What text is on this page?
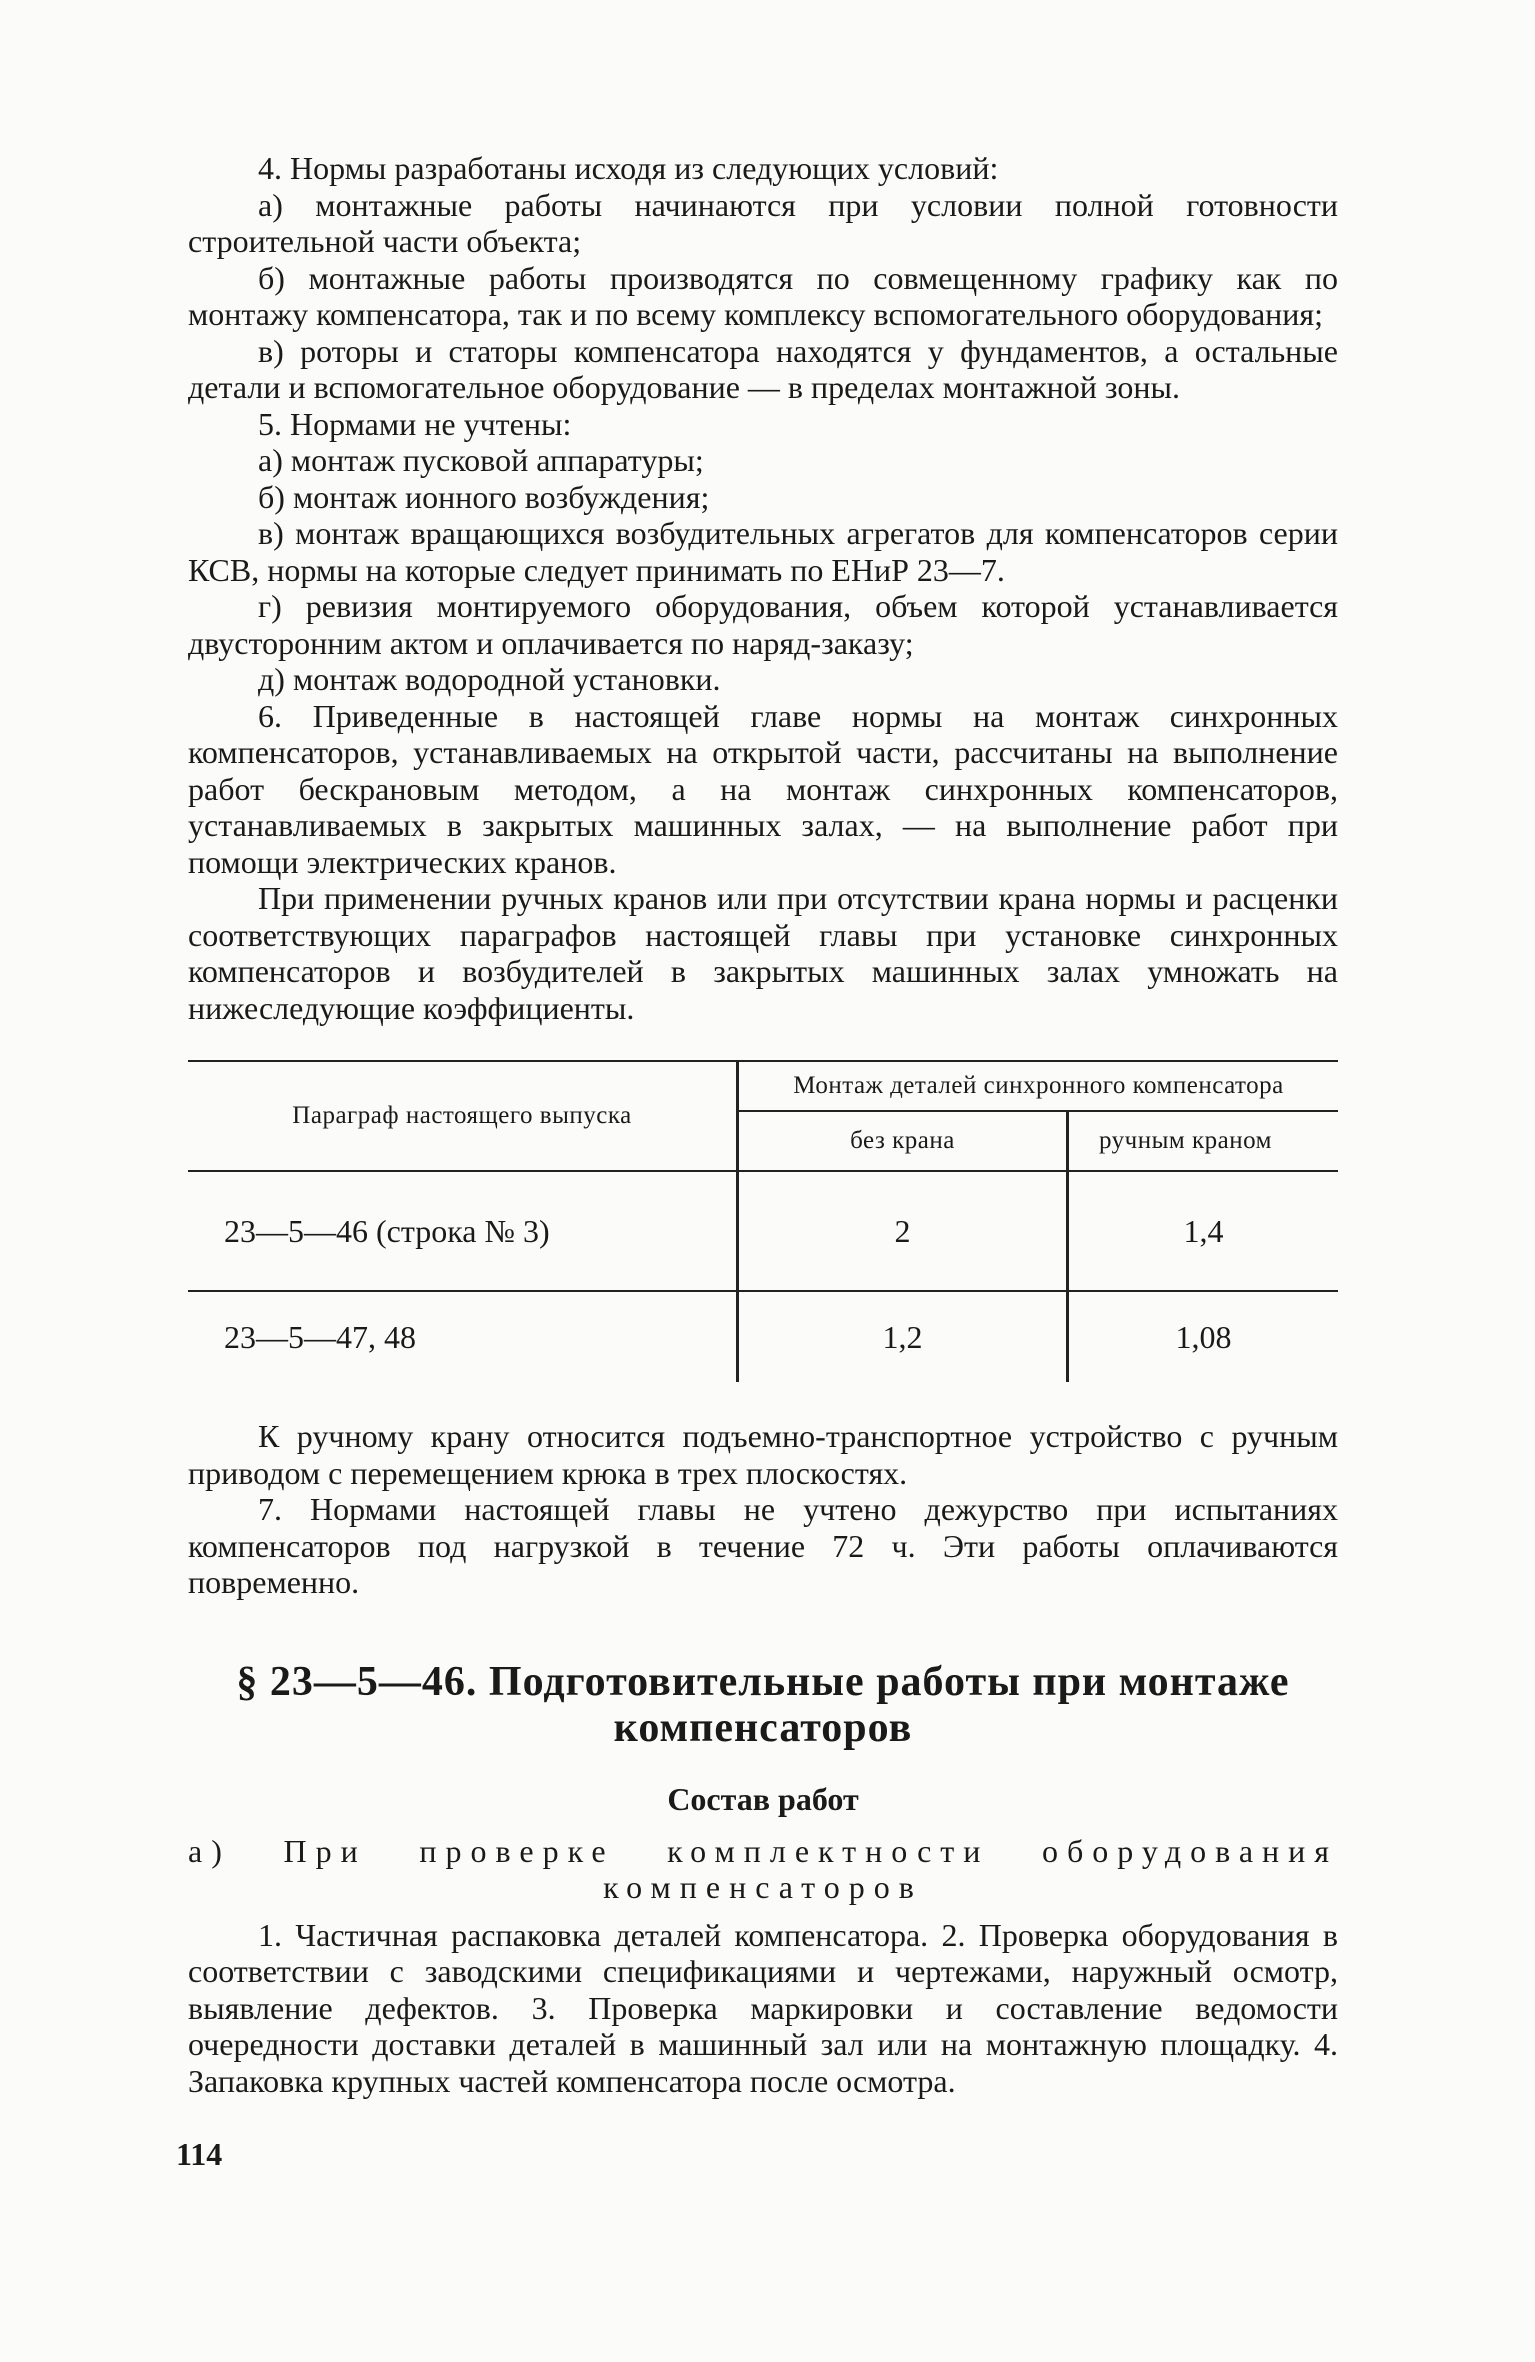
4. Нормы разработаны исходя из следующих условий:

а) монтажные работы начинаются при условии полной готовности строительной части объекта;

б) монтажные работы производятся по совмещенному графику как по монтажу компенсатора, так и по всему комплексу вспомогательного оборудования;

в) роторы и статоры компенсатора находятся у фундаментов, а остальные детали и вспомогательное оборудование — в пределах монтажной зоны.

5. Нормами не учтены:

а) монтаж пусковой аппаратуры;

б) монтаж ионного возбуждения;

в) монтаж вращающихся возбудительных агрегатов для компенсаторов серии КСВ, нормы на которые следует принимать по ЕНиР 23—7.

г) ревизия монтируемого оборудования, объем которой устанавливается двусторонним актом и оплачивается по наряд-заказу;

д) монтаж водородной установки.

6. Приведенные в настоящей главе нормы на монтаж синхронных компенсаторов, устанавливаемых на открытой части, рассчитаны на выполнение работ бескрановым методом, а на монтаж синхронных компенсаторов, устанавливаемых в закрытых машинных залах, — на выполнение работ при помощи электрических кранов.

При применении ручных кранов или при отсутствии крана нормы и расценки соответствующих параграфов настоящей главы при установке синхронных компенсаторов и возбудителей в закрытых машинных залах умножать на нижеследующие коэффициенты.

Параграф настоящего выпуска	Монтаж деталей синхронного компенсатора	
	без крана	ручным краном
23—5—46 (строка № 3)	2	1,4
23—5—47, 48	1,2	1,08

К ручному крану относится подъемно-транспортное устройство с ручным приводом с перемещением крюка в трех плоскостях.

7. Нормами настоящей главы не учтено дежурство при испытаниях компенсаторов под нагрузкой в течение 72 ч. Эти работы оплачиваются повременно.

§ 23—5—46. Подготовительные работы при монтаже
компенсаторов
Состав работ
а) При проверке комплектности оборудования
компенсаторов

1. Частичная распаковка деталей компенсатора. 2. Проверка оборудования в соответствии с заводскими спецификациями и чертежами, наружный осмотр, выявление дефектов. 3. Проверка маркировки и составление ведомости очередности доставки деталей в машинный зал или на монтажную площадку. 4. Запаковка крупных частей компенсатора после осмотра.

114
